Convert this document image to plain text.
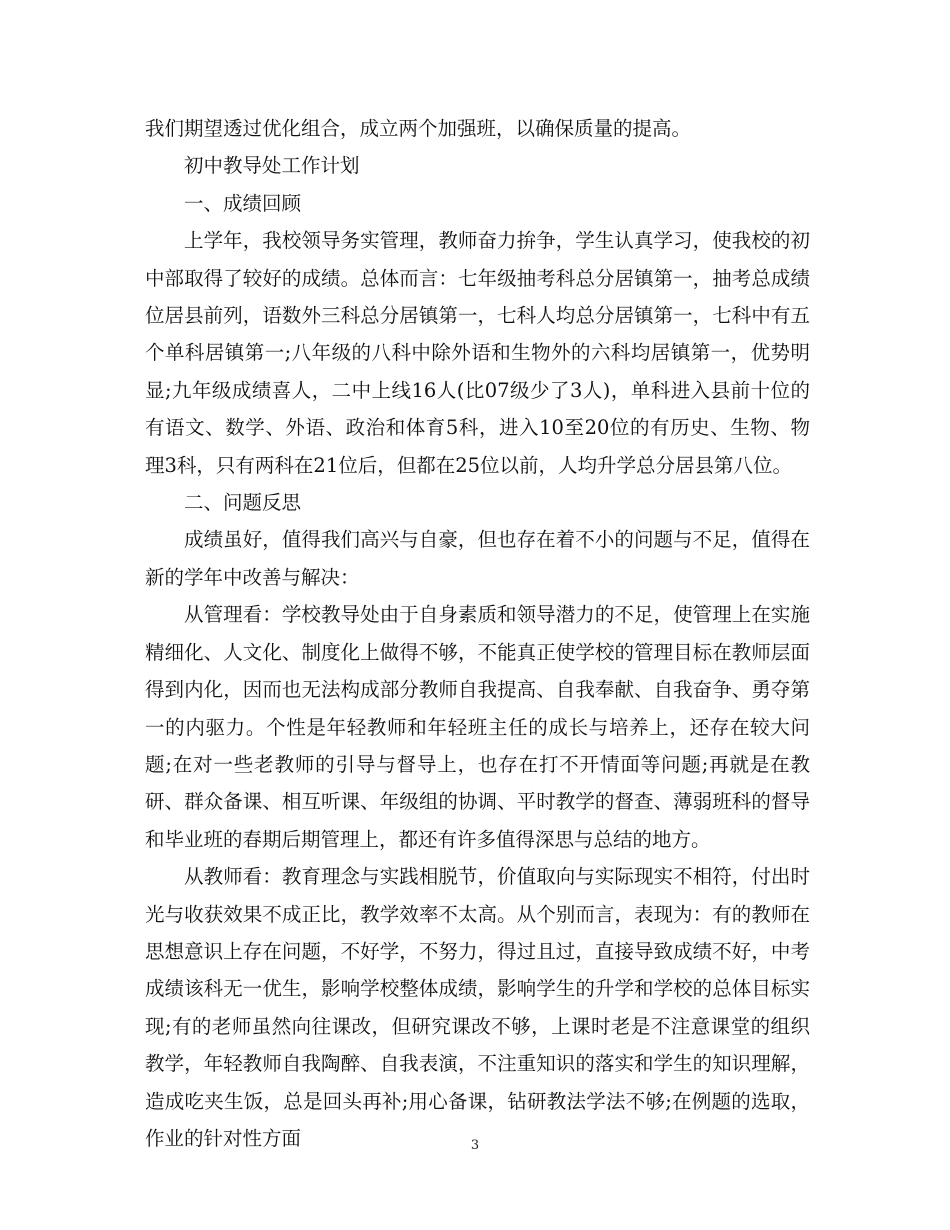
我们期望透过优化组合，成立两个加强班，以确保质量的提高。

初中教导处工作计划

一、成绩回顾

上学年，我校领导务实管理，教师奋力拚争，学生认真学习，使我校的初中部取得了较好的成绩。总体而言：七年级抽考科总分居镇第一，抽考总成绩位居县前列，语数外三科总分居镇第一，七科人均总分居镇第一，七科中有五个单科居镇第一;八年级的八科中除外语和生物外的六科均居镇第一，优势明显;九年级成绩喜人，二中上线16人(比07级少了3人)，单科进入县前十位的有语文、数学、外语、政治和体育5科，进入10至20位的有历史、生物、物理3科，只有两科在21位后，但都在25位以前，人均升学总分居县第八位。

二、问题反思

成绩虽好，值得我们高兴与自豪，但也存在着不小的问题与不足，值得在新的学年中改善与解决：

从管理看：学校教导处由于自身素质和领导潜力的不足，使管理上在实施精细化、人文化、制度化上做得不够，不能真正使学校的管理目标在教师层面得到内化，因而也无法构成部分教师自我提高、自我奉献、自我奋争、勇夺第一的内驱力。个性是年轻教师和年轻班主任的成长与培养上，还存在较大问题;在对一些老教师的引导与督导上，也存在打不开情面等问题;再就是在教研、群众备课、相互听课、年级组的协调、平时教学的督查、薄弱班科的督导和毕业班的春期后期管理上，都还有许多值得深思与总结的地方。

从教师看：教育理念与实践相脱节，价值取向与实际现实不相符，付出时光与收获效果不成正比，教学效率不太高。从个别而言，表现为：有的教师在思想意识上存在问题，不好学，不努力，得过且过，直接导致成绩不好，中考成绩该科无一优生，影响学校整体成绩，影响学生的升学和学校的总体目标实现;有的老师虽然向往课改，但研究课改不够，上课时老是不注意课堂的组织教学，年轻教师自我陶醉、自我表演，不注重知识的落实和学生的知识理解，造成吃夹生饭，总是回头再补;用心备课，钻研教法学法不够;在例题的选取，作业的针对性方面	3
